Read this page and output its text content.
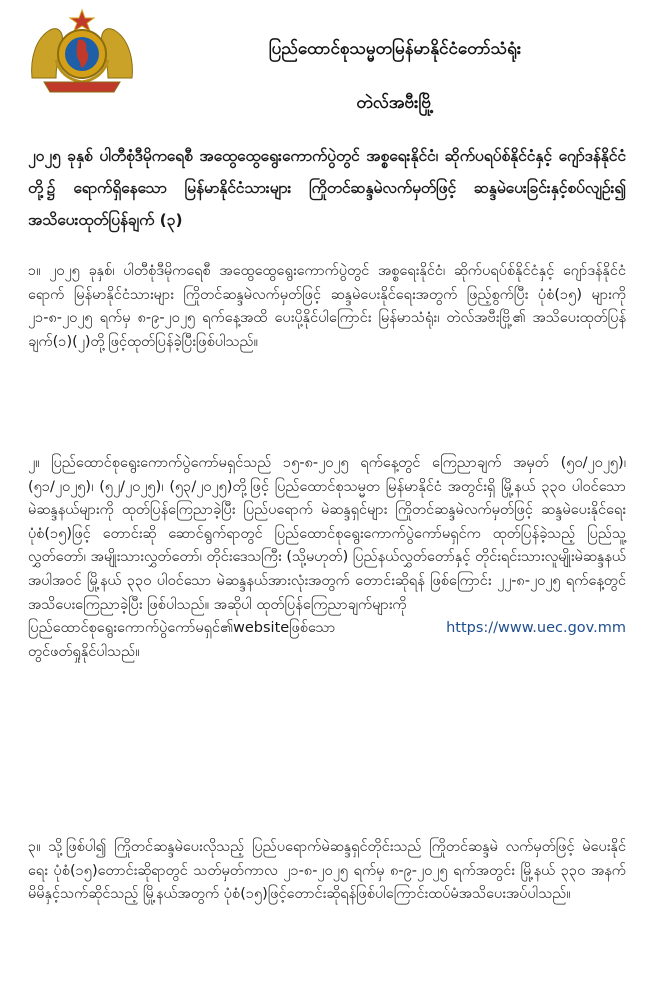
ပြည်ထောင်စုသမ္မတမြန်မာနိုင်ငံတော်သံရုံး
တဲလ်အဗီးဗြို့
၂၀၂၅ ခုနှစ် ပါတီစုံဒီမိုကရေစီ အထွေထွေရွေးကောက်ပွဲတွင် အစ္စရေးနိုင်ငံ၊ ဆိုက်ပရပ်စ်နိုင်ငံနှင့် ဂျော်ဒန်နိုင်ငံတို့၌ ရောက်ရှိနေသော မြန်မာနိုင်ငံသားများ ကြိုတင်ဆန္ဒမဲလက်မှတ်ဖြင့် ဆန္ဒမဲပေးခြင်းနှင့်စပ်လျဉ်း၍ အသိပေးထုတ်ပြန်ချက် (၃)
၁။ ၂၀၂၅ ခုနှစ်၊ ပါတီစုံဒီမိုကရေစီ အထွေထွေရွေးကောက်ပွဲတွင် အစ္စရေးနိုင်ငံ၊ ဆိုက်ပရပ်စ်နိုင်ငံနှင့် ဂျော်ဒန်နိုင်ငံရောက် မြန်မာနိုင်ငံသားများ ကြိုတင်ဆန္ဒမဲလက်မှတ်ဖြင့် ဆန္ဒမဲပေးနိုင်ရေးအတွက် ဖြည့်စွက်ပြီး ပုံစံ(၁၅) များကို ၂၁-၈-၂၀၂၅ ရက်မှ ၈-၉-၂၀၂၅ ရက်နေ့အထိ ပေးပို့နိုင်ပါကြောင်း မြန်မာသံရုံး၊ တဲလ်အဗီးဗြို့၏ အသိပေးထုတ်ပြန်ချက်(၁)(၂)တို့ဖြင့်ထုတ်ပြန်ခဲ့ပြီးဖြစ်ပါသည်။
၂။ ပြည်ထောင်စုရွေးကောက်ပွဲကော်မရှင်သည် ၁၅-၈-၂၀၂၅ ရက်နေ့တွင် ကြေညာချက် အမှတ် (၅၀/၂၀၂၅)၊ (၅၁/၂၀၂၅)၊ (၅၂/၂၀၂၅)၊ (၅၃/၂၀၂၅)တို့ဖြင့် ပြည်ထောင်စုသမ္မတ မြန်မာနိုင်ငံ အတွင်းရှိ မြို့နယ် ၃၃၀ ပါဝင်သော မဲဆန္ဒနယ်များကို ထုတ်ပြန်ကြေညာခဲ့ပြီး ပြည်ပရောက် မဲဆန္ဒရှင်များ ကြိုတင်ဆန္ဒမဲလက်မှတ်ဖြင့် ဆန္ဒမဲပေးနိုင်ရေး ပုံစံ(၁၅)ဖြင့် တောင်းဆို ဆောင်ရွက်ရာတွင် ပြည်ထောင်စုရွေးကောက်ပွဲကော်မရှင်က ထုတ်ပြန်ခဲ့သည့် ပြည်သူ့ လွှတ်တော်၊ အမျိုးသားလွှတ်တော်၊ တိုင်းဒေသကြီး (သို့မဟုတ်) ပြည်နယ်လွှတ်တော်နှင့် တိုင်းရင်းသားလူမျိုးမဲဆန္ဒနယ်အပါအဝင် မြို့နယ် ၃၃၀ ပါဝင်သော မဲဆန္ဒနယ်အားလုံးအတွက် တောင်းဆိုရန် ဖြစ်ကြောင်း ၂၂-၈-၂၀၂၅ ရက်နေ့တွင် အသိပေးကြေညာခဲ့ပြီး ဖြစ်ပါသည်။ အဆိုပါ ထုတ်ပြန်ကြေညာချက်များကို
ပြည်ထောင်စုရွေးကောက်ပွဲကော်မရှင်၏websiteဖြစ်သော	https://www.uec.gov.mm
တွင်ဖတ်ရှုနိုင်ပါသည်။
၃။ သို့ဖြစ်ပါ၍ ကြိုတင်ဆန္ဒမဲပေးလိုသည့် ပြည်ပရောက်မဲဆန္ဒရှင်တိုင်းသည် ကြိုတင်ဆန္ဒမဲ လက်မှတ်ဖြင့် မဲပေးနိုင်ရေး ပုံစံ(၁၅)တောင်းဆိုရာတွင် သတ်မှတ်ကာလ ၂၁-၈-၂၀၂၅ ရက်မှ ၈-၉-၂၀၂၅ ရက်အတွင်း မြို့နယ် ၃၃၀ အနက် မိမိနှင့်သက်ဆိုင်သည့် မြို့နယ်အတွက် ပုံစံ(၁၅)ဖြင့်တောင်းဆိုရန်ဖြစ်ပါကြောင်းထပ်မံအသိပေးအပ်ပါသည်။
